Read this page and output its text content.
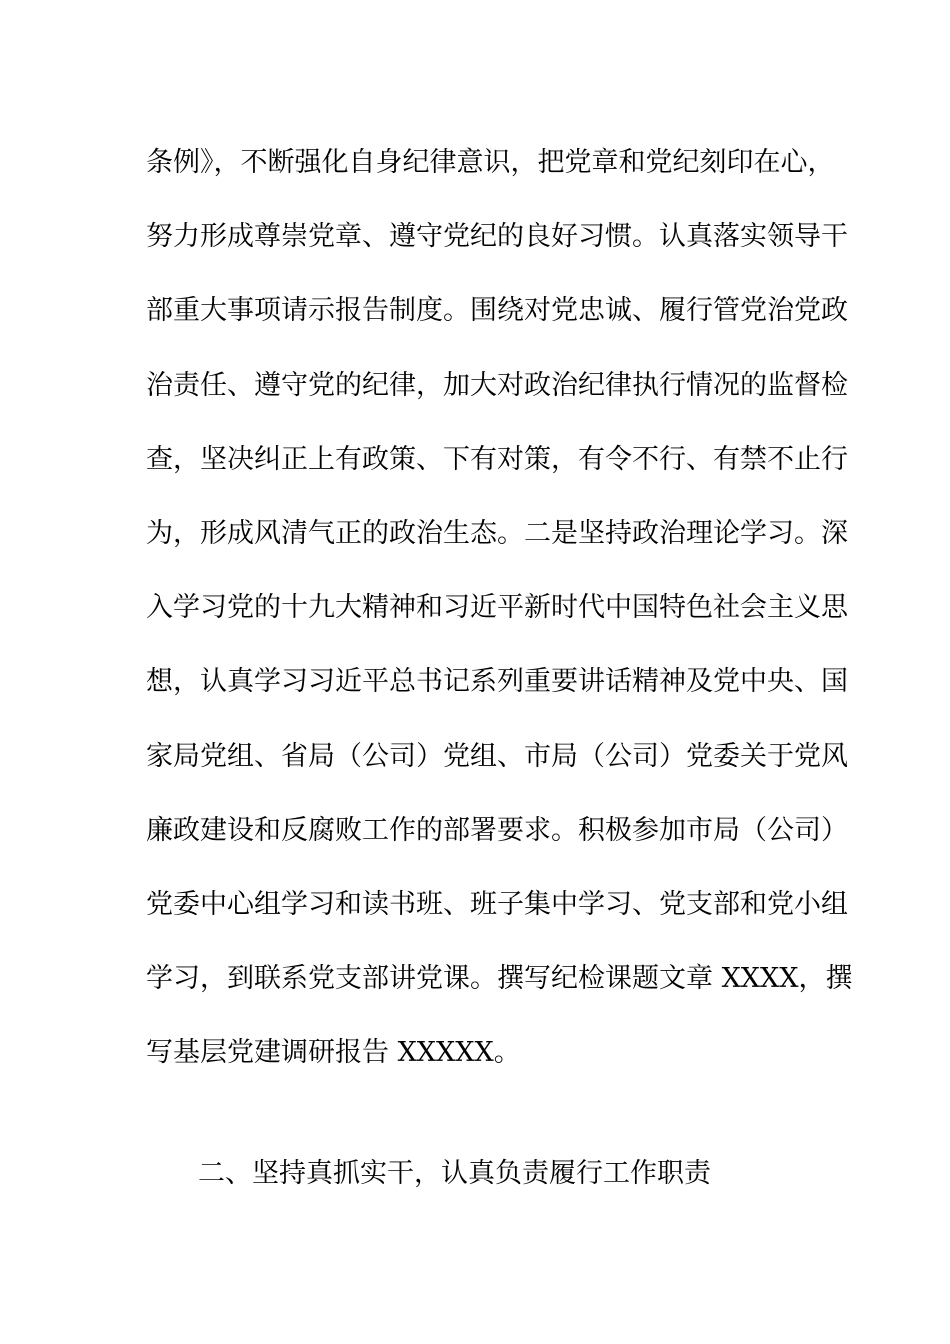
条例》，不断强化自身纪律意识，把党章和党纪刻印在心，
努力形成尊崇党章、遵守党纪的良好习惯。认真落实领导干
部重大事项请示报告制度。围绕对党忠诚、履行管党治党政
治责任、遵守党的纪律，加大对政治纪律执行情况的监督检
查，坚决纠正上有政策、下有对策，有令不行、有禁不止行
为，形成风清气正的政治生态。二是坚持政治理论学习。深
入学习党的十九大精神和习近平新时代中国特色社会主义思
想，认真学习习近平总书记系列重要讲话精神及党中央、国
家局党组、省局（公司）党组、市局（公司）党委关于党风
廉政建设和反腐败工作的部署要求。积极参加市局（公司）
党委中心组学习和读书班、班子集中学习、党支部和党小组
学习，到联系党支部讲党课。撰写纪检课题文章 XXXX，撰
写基层党建调研报告 XXXXX。
二、坚持真抓实干，认真负责履行工作职责
